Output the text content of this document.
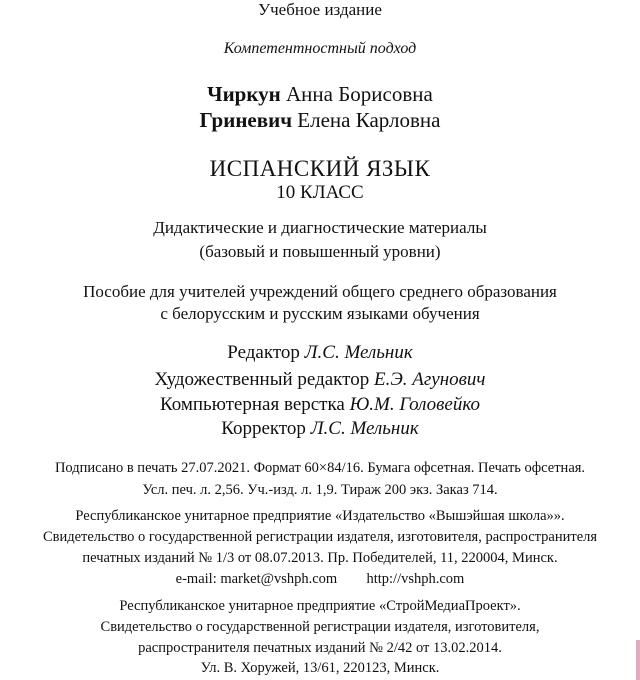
Учебное издание
Компетентностный подход
Чиркун Анна Борисовна
Гриневич Елена Карловна
ИСПАНСКИЙ ЯЗЫК
10 КЛАСС
Дидактические и диагностические материалы
(базовый и повышенный уровни)
Пособие для учителей учреждений общего среднего образования
с белорусским и русским языками обучения
Редактор Л.С. Мельник
Художественный редактор Е.Э. Агунович
Компьютерная верстка Ю.М. Головейко
Корректор Л.С. Мельник
Подписано в печать 27.07.2021. Формат 60×84/16. Бумага офсетная. Печать офсетная.
Усл. печ. л. 2,56. Уч.-изд. л. 1,9. Тираж 200 экз. Заказ 714.
Республиканское унитарное предприятие «Издательство «Вышэйшая школа»».
Свидетельство о государственной регистрации издателя, изготовителя, распространителя
печатных изданий № 1/3 от 08.07.2013. Пр. Победителей, 11, 220004, Минск.
e-mail: market@vshph.com http://vshph.com
Республиканское унитарное предприятие «СтройМедиаПроект».
Свидетельство о государственной регистрации издателя, изготовителя,
распространителя печатных изданий № 2/42 от 13.02.2014.
Ул. В. Хоружей, 13/61, 220123, Минск.
